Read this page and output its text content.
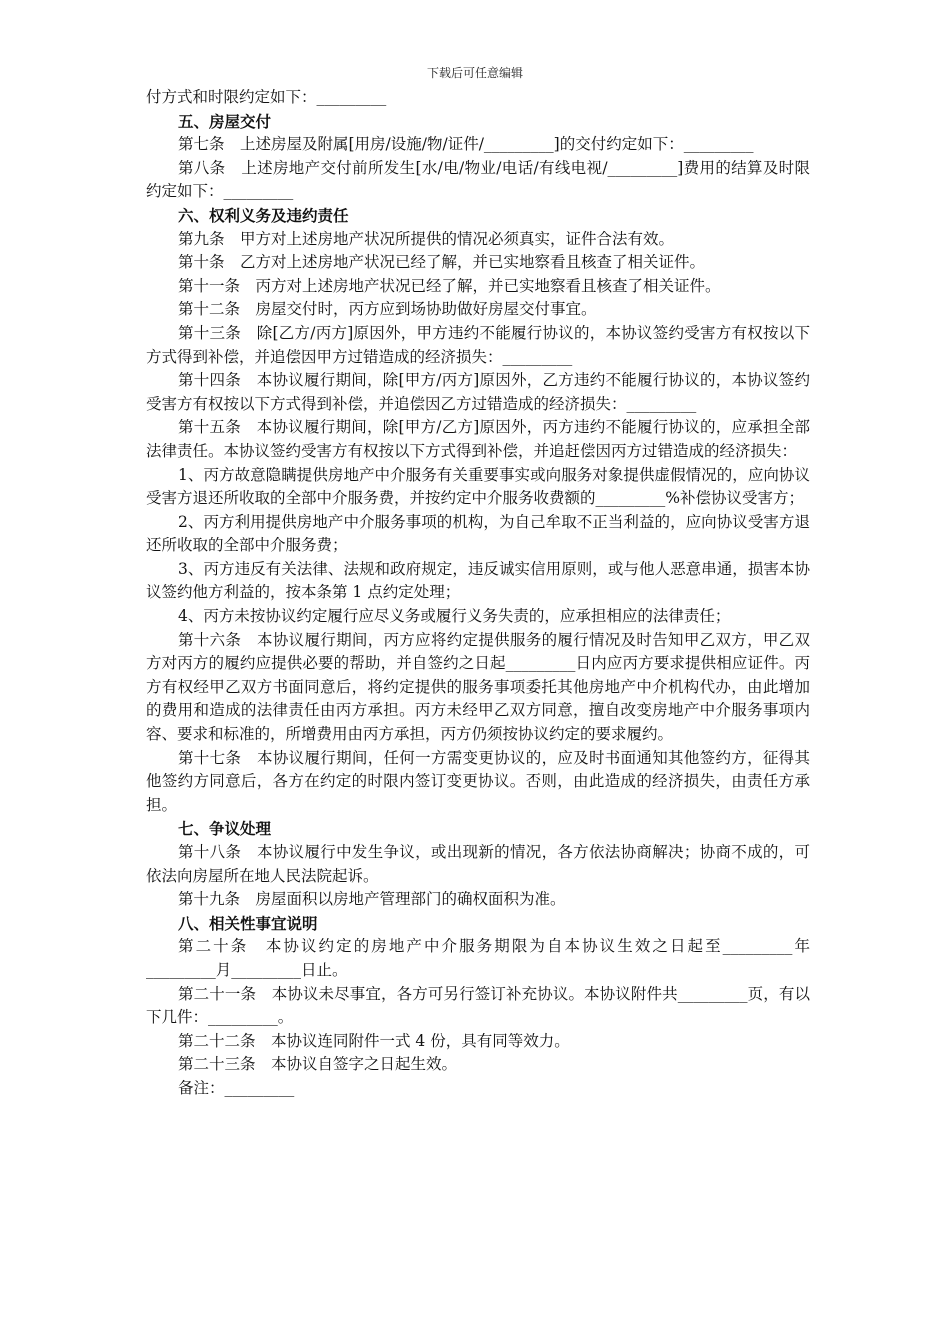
下载后可任意编辑

付方式和时限约定如下：_________

五、房屋交付

第七条　上述房屋及附属[用房/设施/物/证件/_________]的交付约定如下：_________

第八条　上述房地产交付前所发生[水/电/物业/电话/有线电视/_________]费用的结算及时限约定如下：_________

六、权利义务及违约责任

第九条　甲方对上述房地产状况所提供的情况必须真实，证件合法有效。

第十条　乙方对上述房地产状况已经了解，并已实地察看且核查了相关证件。

第十一条　丙方对上述房地产状况已经了解，并已实地察看且核查了相关证件。

第十二条　房屋交付时，丙方应到场协助做好房屋交付事宜。

第十三条　除[乙方/丙方]原因外，甲方违约不能履行协议的，本协议签约受害方有权按以下方式得到补偿，并追偿因甲方过错造成的经济损失：_________

第十四条　本协议履行期间，除[甲方/丙方]原因外，乙方违约不能履行协议的，本协议签约受害方有权按以下方式得到补偿，并追偿因乙方过错造成的经济损失：_________

第十五条　本协议履行期间，除[甲方/乙方]原因外，丙方违约不能履行协议的，应承担全部法律责任。本协议签约受害方有权按以下方式得到补偿，并追赶偿因丙方过错造成的经济损失：

1、丙方故意隐瞒提供房地产中介服务有关重要事实或向服务对象提供虚假情况的，应向协议受害方退还所收取的全部中介服务费，并按约定中介服务收费额的_________%补偿协议受害方；

2、丙方利用提供房地产中介服务事项的机构，为自己牟取不正当利益的，应向协议受害方退还所收取的全部中介服务费；

3、丙方违反有关法律、法规和政府规定，违反诚实信用原则，或与他人恶意串通，损害本协议签约他方利益的，按本条第 1 点约定处理；

4、丙方未按协议约定履行应尽义务或履行义务失责的，应承担相应的法律责任；

第十六条　本协议履行期间，丙方应将约定提供服务的履行情况及时告知甲乙双方，甲乙双方对丙方的履约应提供必要的帮助，并自签约之日起_________日内应丙方要求提供相应证件。丙方有权经甲乙双方书面同意后，将约定提供的服务事项委托其他房地产中介机构代办，由此增加的费用和造成的法律责任由丙方承担。丙方未经甲乙双方同意，擅自改变房地产中介服务事项内容、要求和标准的，所增费用由丙方承担，丙方仍须按协议约定的要求履约。

第十七条　本协议履行期间，任何一方需变更协议的，应及时书面通知其他签约方，征得其他签约方同意后，各方在约定的时限内签订变更协议。否则，由此造成的经济损失，由责任方承担。

七、争议处理

第十八条　本协议履行中发生争议，或出现新的情况，各方依法协商解决；协商不成的，可依法向房屋所在地人民法院起诉。

第十九条　房屋面积以房地产管理部门的确权面积为准。

八、相关性事宜说明

第二十条　本协议约定的房地产中介服务期限为自本协议生效之日起至_________年_________月_________日止。

第二十一条　本协议未尽事宜，各方可另行签订补充协议。本协议附件共_________页，有以下几件：_________。

第二十二条　本协议连同附件一式 4 份，具有同等效力。

第二十三条　本协议自签字之日起生效。

备注：_________
